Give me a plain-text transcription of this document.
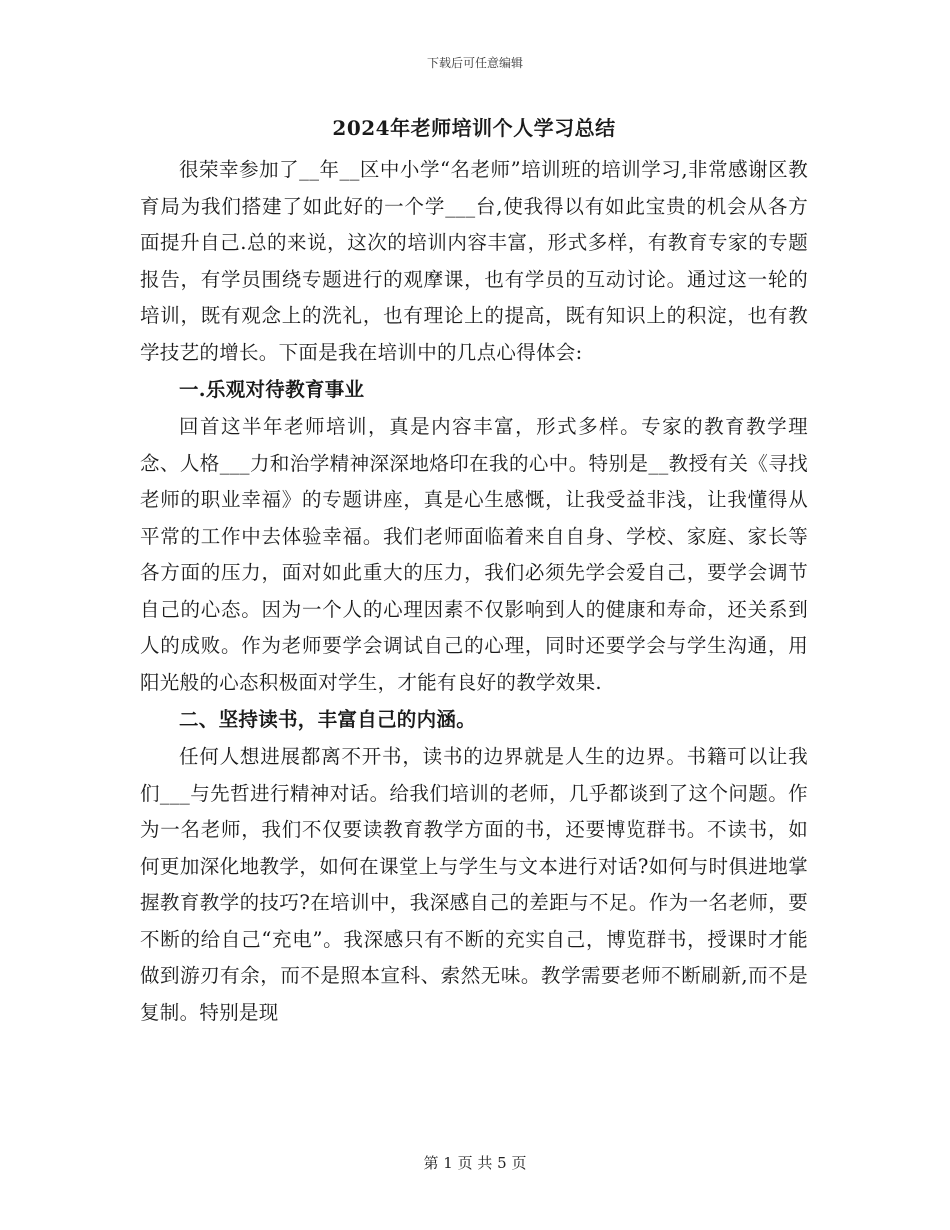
下载后可任意编辑
2024年老师培训个人学习总结

很荣幸参加了__年__区中小学“名老师”培训班的培训学习,非常感谢区教育局为我们搭建了如此好的一个学___台,使我得以有如此宝贵的机会从各方面提升自己.总的来说，这次的培训内容丰富，形式多样，有教育专家的专题报告，有学员围绕专题进行的观摩课，也有学员的互动讨论。通过这一轮的培训，既有观念上的洗礼，也有理论上的提高，既有知识上的积淀，也有教学技艺的增长。下面是我在培训中的几点心得体会:

一.乐观对待教育事业

回首这半年老师培训，真是内容丰富，形式多样。专家的教育教学理念、人格___力和治学精神深深地烙印在我的心中。特别是__教授有关《寻找老师的职业幸福》的专题讲座，真是心生感慨，让我受益非浅，让我懂得从平常的工作中去体验幸福。我们老师面临着来自自身、学校、家庭、家长等各方面的压力，面对如此重大的压力，我们必须先学会爱自己，要学会调节自己的心态。因为一个人的心理因素不仅影响到人的健康和寿命，还关系到人的成败。作为老师要学会调试自己的心理，同时还要学会与学生沟通，用阳光般的心态积极面对学生，才能有良好的教学效果.

二、坚持读书，丰富自己的内涵。

任何人想进展都离不开书，读书的边界就是人生的边界。书籍可以让我们___与先哲进行精神对话。给我们培训的老师，几乎都谈到了这个问题。作为一名老师，我们不仅要读教育教学方面的书，还要博览群书。不读书，如何更加深化地教学，如何在课堂上与学生与文本进行对话?如何与时俱进地掌握教育教学的技巧?在培训中，我深感自己的差距与不足。作为一名老师，要不断的给自己“充电”。我深感只有不断的充实自己，博览群书，授课时才能做到游刃有余，而不是照本宣科、索然无味。教学需要老师不断刷新,而不是复制。特别是现

第 1 页 共 5 页
